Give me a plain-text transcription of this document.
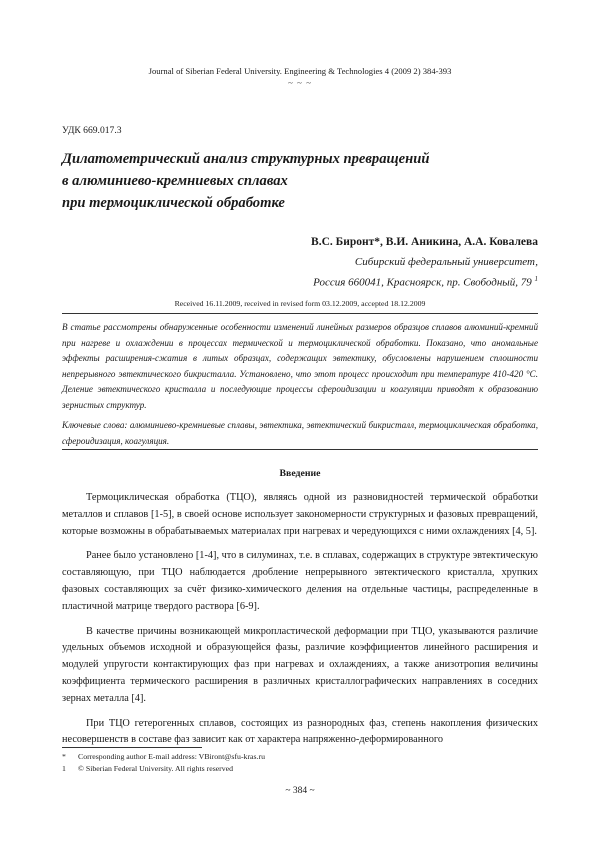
Journal of Siberian Federal University. Engineering & Technologies 4 (2009 2) 384-393
~ ~ ~
УДК 669.017.3
Дилатометрический анализ структурных превращений
в алюминиево-кремниевых сплавах
при термоциклической обработке
В.С. Биронт*, В.И. Аникина, А.А. Ковалева
Сибирский федеральный университет,
Россия 660041, Красноярск, пр. Свободный, 79 $^1$
Received 16.11.2009, received in revised form 03.12.2009, accepted 18.12.2009

В статье рассмотрены обнаруженные особенности изменений линейных размеров образцов сплавов алюминий-кремний при нагреве и охлаждении в процессах термической и термоциклической обработки. Показано, что аномальные эффекты расширения-сжатия в литых образцах, содержащих эвтектику, обусловлены нарушением сплошности непрерывного эвтектического бикристалла. Установлено, что этот процесс происходит при температуре 410-420 °С. Деление эвтектического кристалла и последующие процессы сфероидизации и коагуляции приводят к образованию зернистых структур.

Ключевые слова: алюминиево-кремниевые сплавы, эвтектика, эвтектический бикристалл, термоциклическая обработка, сфероидизация, коагуляция.

Введение

Термоциклическая обработка (ТЦО), являясь одной из разновидностей термической обработки металлов и сплавов [1-5], в своей основе использует закономерности структурных и фазовых превращений, которые возможны в обрабатываемых материалах при нагревах и чередующихся с ними охлаждениях [4, 5].

Ранее было установлено [1-4], что в силуминах, т.е. в сплавах, содержащих в структуре эвтектическую составляющую, при ТЦО наблюдается дробление непрерывного эвтектического кристалла, хрупких фазовых составляющих за счёт физико-химического деления на отдельные частицы, распределенные в пластичной матрице твердого раствора [6-9].

В качестве причины возникающей микропластической деформации при ТЦО, указываются различие удельных объемов исходной и образующейся фазы, различие коэффициентов линейного расширения и модулей упругости контактирующих фаз при нагревах и охлаждениях, а также анизотропия величины коэффициента термического расширения в различных кристаллографических направлениях в соседних зернах металла [4].

При ТЦО гетерогенных сплавов, состоящих из разнородных фаз, степень накопления физических несовершенств в составе фаз зависит как от характера напряженно-деформированного

*	Corresponding author E-mail address: VBiront@sfu-kras.ru
1	© Siberian Federal University. All rights reserved
~ 384 ~
